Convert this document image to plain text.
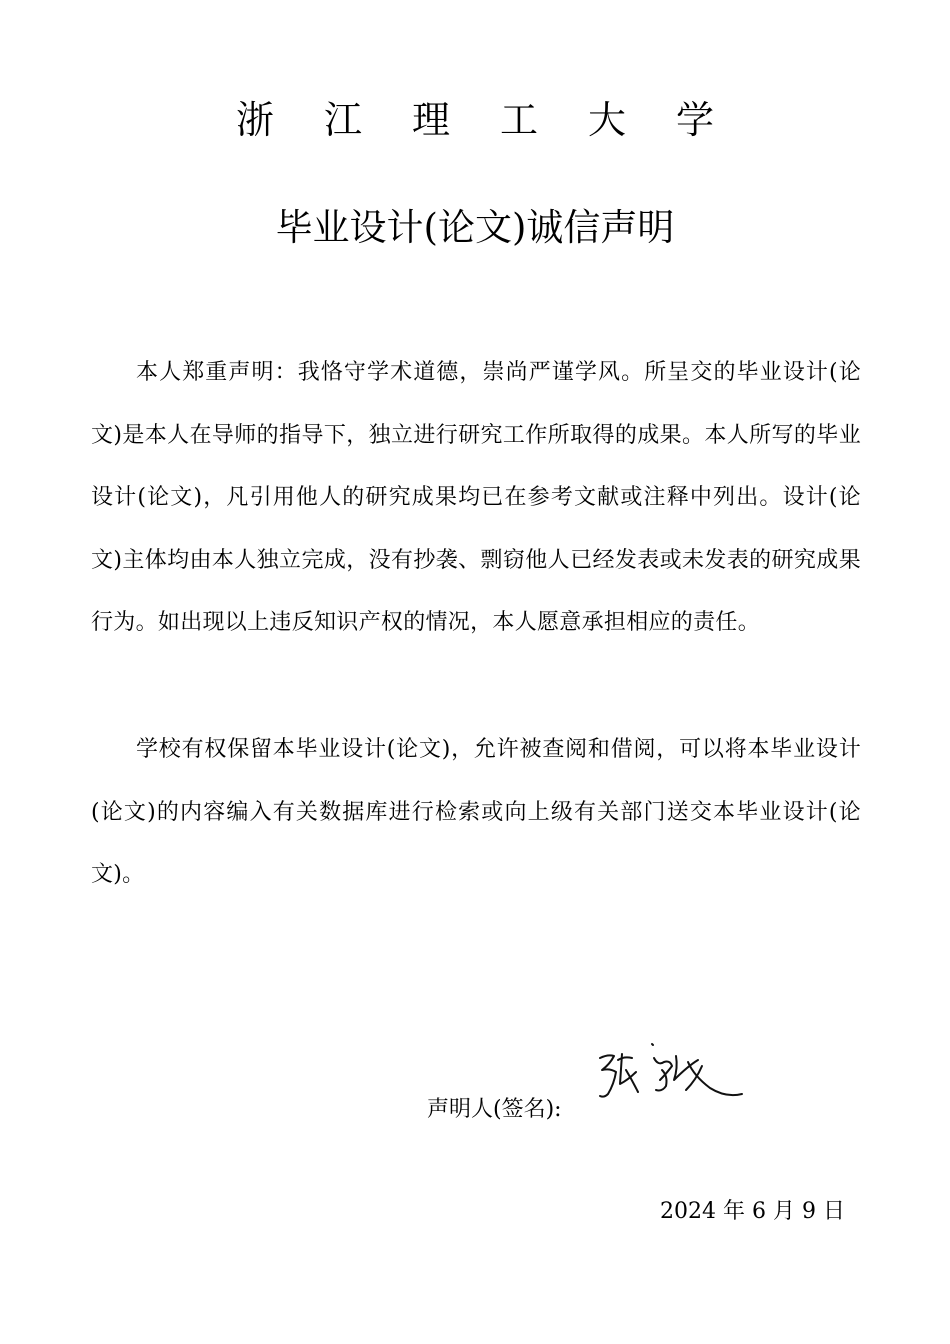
浙江理工大学
毕业设计(论文)诚信声明

本人郑重声明：我恪守学术道德，崇尚严谨学风。所呈交的毕业设计(论文)是本人在导师的指导下，独立进行研究工作所取得的成果。本人所写的毕业设计(论文)，凡引用他人的研究成果均已在参考文献或注释中列出。设计(论文)主体均由本人独立完成，没有抄袭、剽窃他人已经发表或未发表的研究成果行为。如出现以上违反知识产权的情况，本人愿意承担相应的责任。

学校有权保留本毕业设计(论文)，允许被查阅和借阅，可以将本毕业设计(论文)的内容编入有关数据库进行检索或向上级有关部门送交本毕业设计(论文)。

声明人(签名):
2024 年 6 月 9 日
